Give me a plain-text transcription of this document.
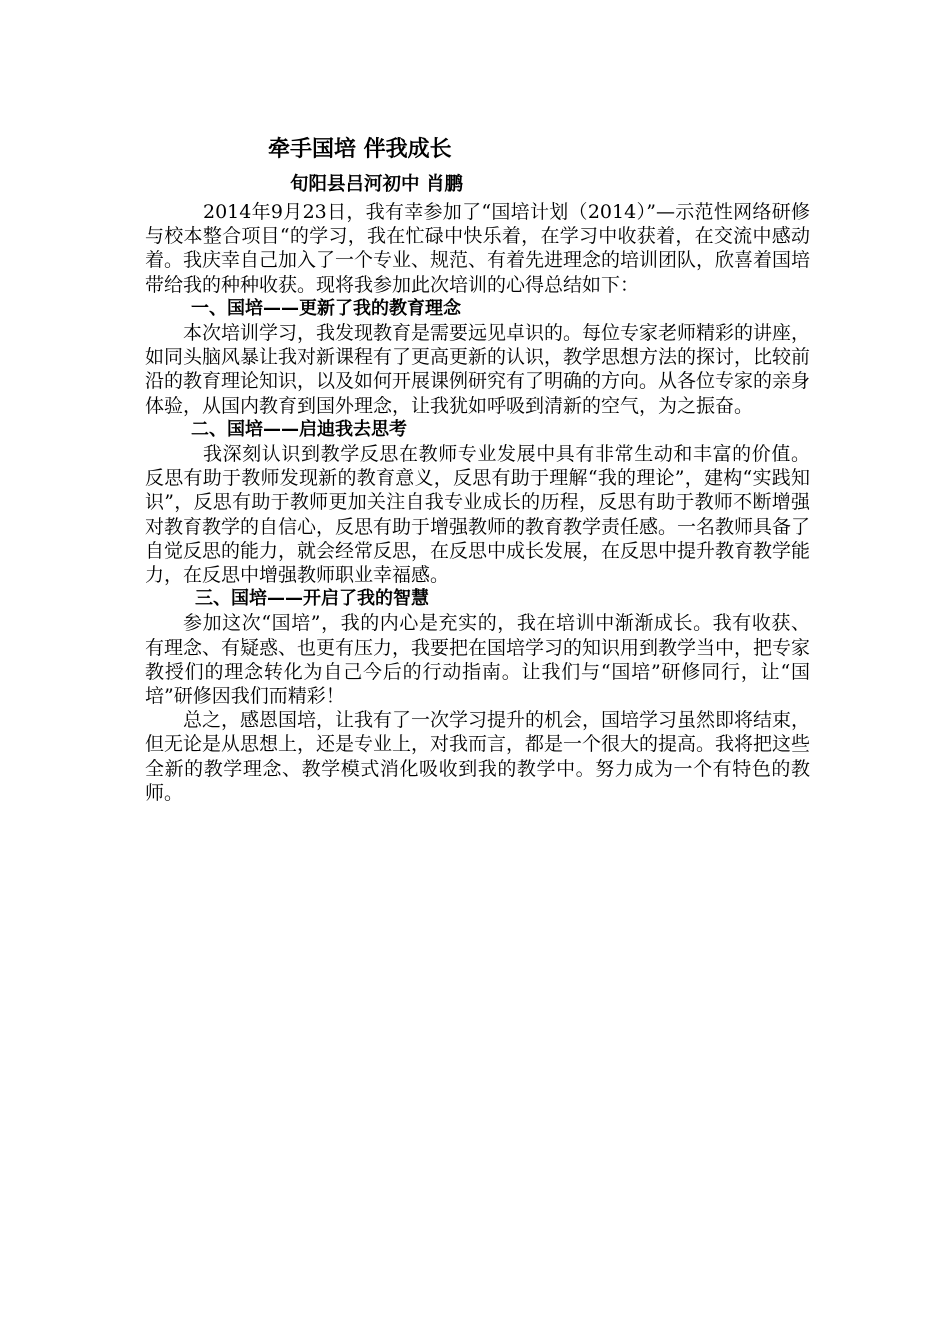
牵手国培 伴我成长
旬阳县吕河初中 肖鹏

2014年9月23日，我有幸参加了“国培计划（2014）”—示范性网络研修与校本整合项目“的学习，我在忙碌中快乐着，在学习中收获着，在交流中感动着。我庆幸自己加入了一个专业、规范、有着先进理念的培训团队，欣喜着国培带给我的种种收获。现将我参加此次培训的心得总结如下：

一、国培——更新了我的教育理念

本次培训学习，我发现教育是需要远见卓识的。每位专家老师精彩的讲座，如同头脑风暴让我对新课程有了更高更新的认识，教学思想方法的探讨，比较前沿的教育理论知识，以及如何开展课例研究有了明确的方向。从各位专家的亲身体验，从国内教育到国外理念，让我犹如呼吸到清新的空气，为之振奋。

二、国培——启迪我去思考

我深刻认识到教学反思在教师专业发展中具有非常生动和丰富的价值。反思有助于教师发现新的教育意义，反思有助于理解“我的理论”，建构“实践知识”，反思有助于教师更加关注自我专业成长的历程，反思有助于教师不断增强对教育教学的自信心，反思有助于增强教师的教育教学责任感。一名教师具备了自觉反思的能力，就会经常反思，在反思中成长发展，在反思中提升教育教学能力，在反思中增强教师职业幸福感。

三、国培——开启了我的智慧

参加这次“国培”，我的内心是充实的，我在培训中渐渐成长。我有收获、有理念、有疑惑、也更有压力，我要把在国培学习的知识用到教学当中，把专家教授们的理念转化为自己今后的行动指南。让我们与“国培”研修同行，让“国培”研修因我们而精彩！

总之，感恩国培，让我有了一次学习提升的机会，国培学习虽然即将结束，但无论是从思想上，还是专业上，对我而言，都是一个很大的提高。我将把这些全新的教学理念、教学模式消化吸收到我的教学中。努力成为一个有特色的教师。
